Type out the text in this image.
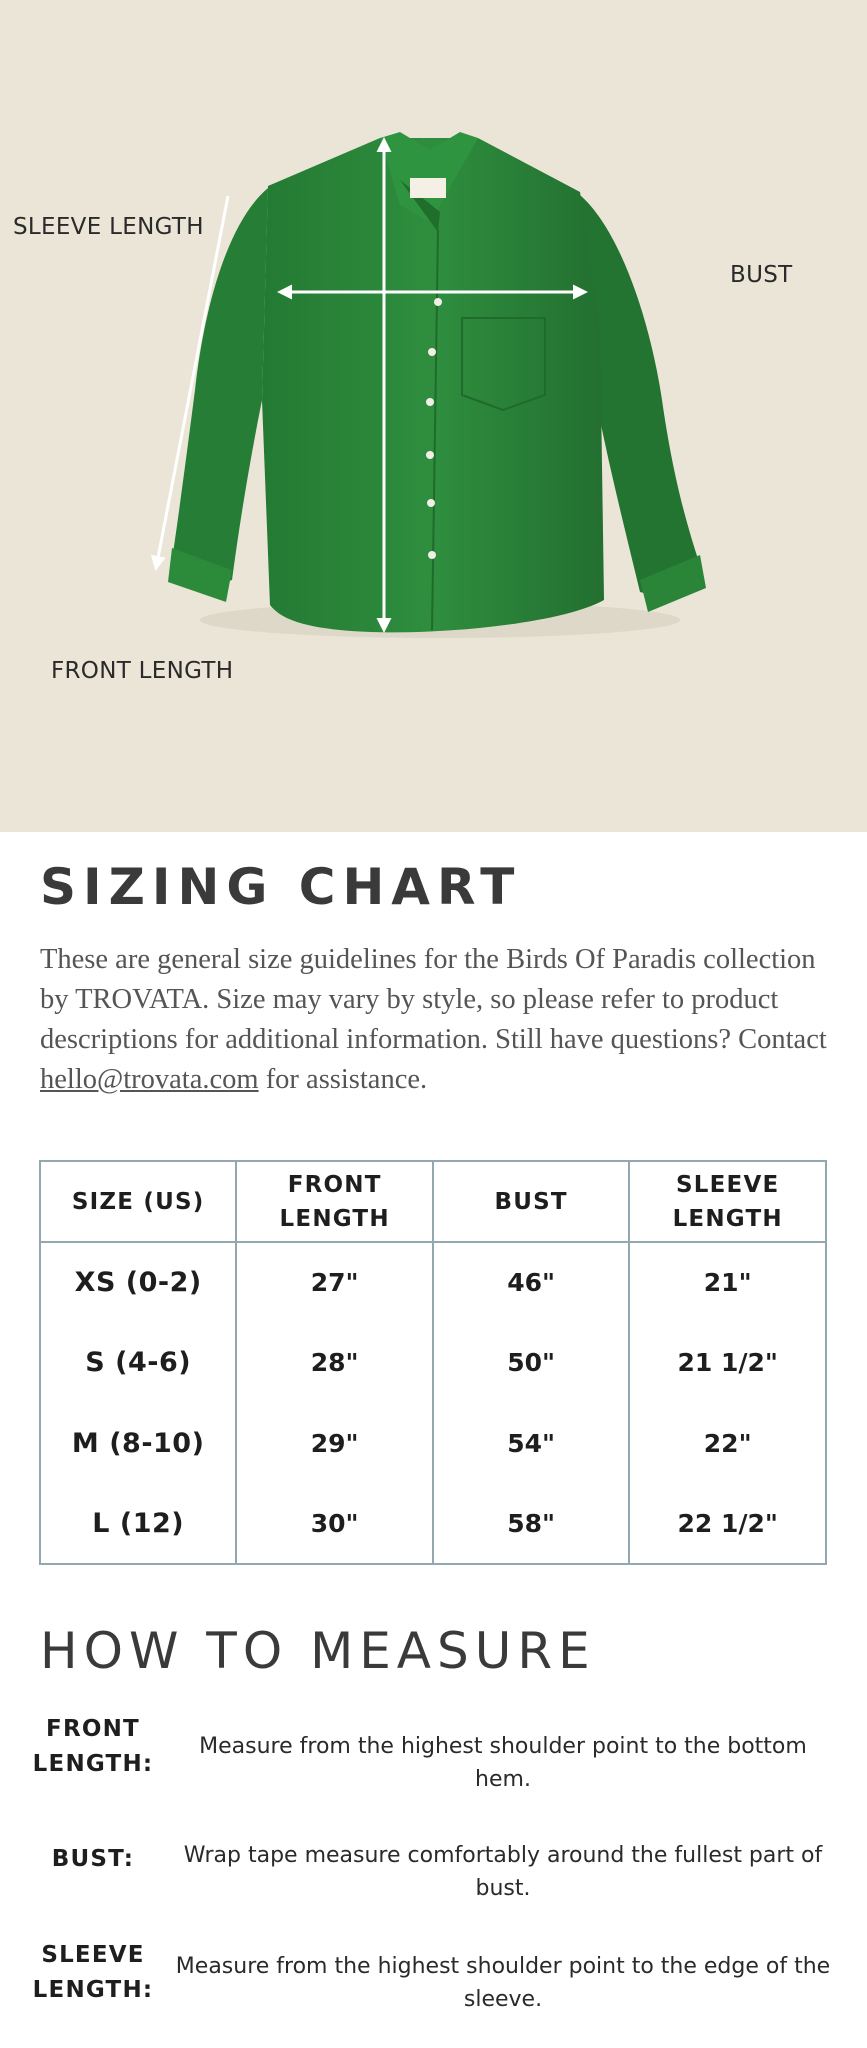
SLEEVE LENGTH
BUST
FRONT LENGTH
SIZING CHART

These are general size guidelines for the Birds Of Paradis collection by TROVATA. Size may vary by style, so please refer to product descriptions for additional information. Still have questions? Contact hello@trovata.com for assistance.

SIZE (US)	FRONT LENGTH	BUST	SLEEVE LENGTH
XS (0-2)	27"	46"	21"
S (4-6)	28"	50"	21 1/2"
M (8-10)	29"	54"	22"
L (12)	30"	58"	22 1/2"
HOW TO MEASURE
FRONT LENGTH:
Measure from the highest shoulder point to the bottom hem.
BUST:	Wrap tape measure comfortably around the fullest part of bust.
SLEEVE LENGTH:
Measure from the highest shoulder point to the edge of the sleeve.
